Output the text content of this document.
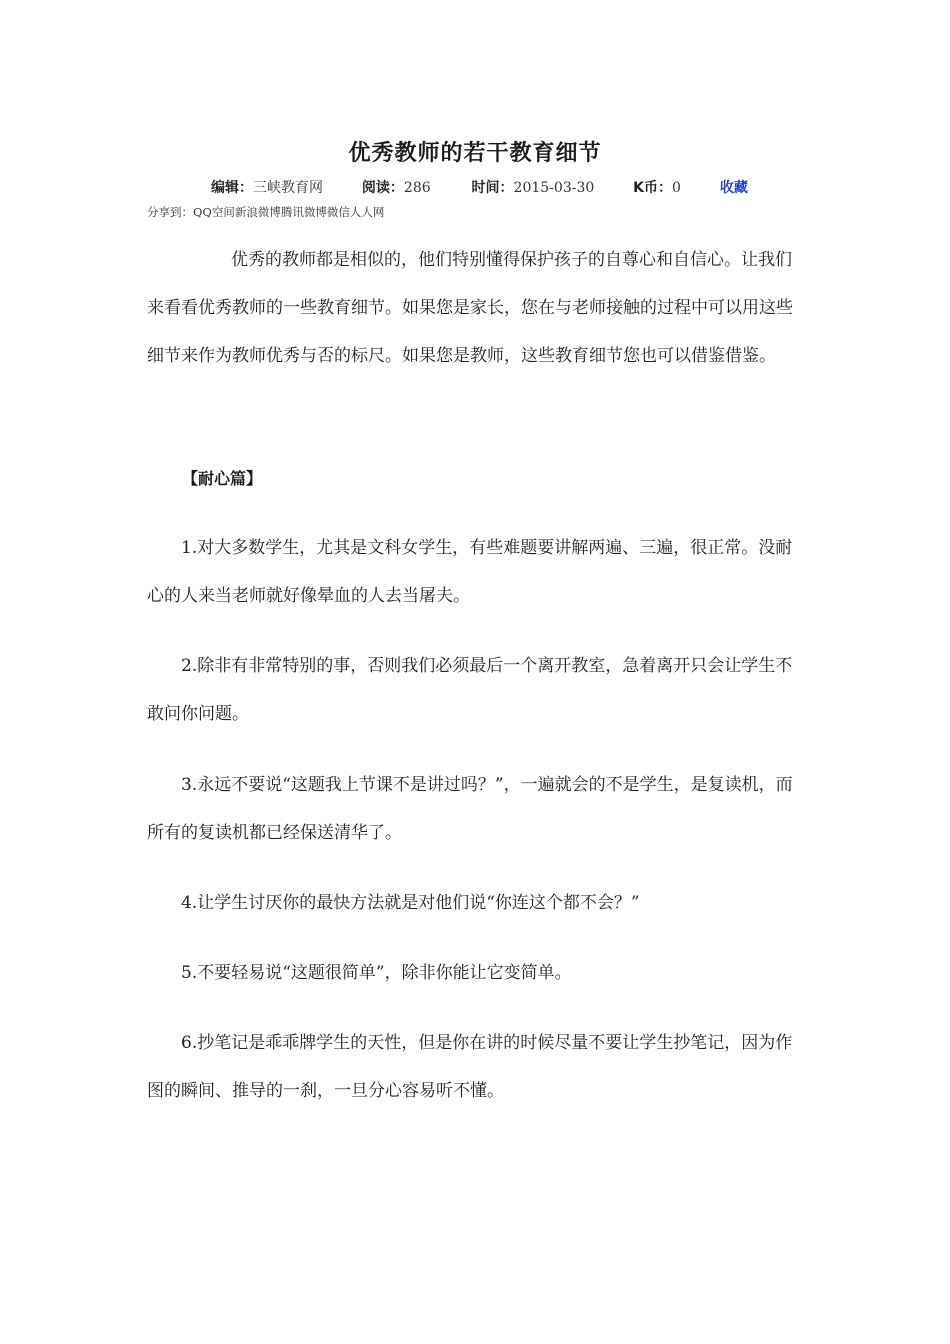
优秀教师的若干教育细节
编辑：三峡教育网	阅读：286	时间：2015-03-30	K币：0	收藏
分享到：QQ空间新浪微博腾讯微博微信人人网
优秀的教师都是相似的，他们特别懂得保护孩子的自尊心和自信心。让我们来看看优秀教师的一些教育细节。如果您是家长，您在与老师接触的过程中可以用这些细节来作为教师优秀与否的标尺。如果您是教师，这些教育细节您也可以借鉴借鉴。
【耐心篇】
1.对大多数学生，尤其是文科女学生，有些难题要讲解两遍、三遍，很正常。没耐心的人来当老师就好像晕血的人去当屠夫。
2.除非有非常特别的事，否则我们必须最后一个离开教室，急着离开只会让学生不敢问你问题。
3.永远不要说“这题我上节课不是讲过吗？”，一遍就会的不是学生，是复读机，而所有的复读机都已经保送清华了。
4.让学生讨厌你的最快方法就是对他们说“你连这个都不会？”
5.不要轻易说“这题很简单”，除非你能让它变简单。
6.抄笔记是乖乖牌学生的天性，但是你在讲的时候尽量不要让学生抄笔记，因为作图的瞬间、推导的一刹，一旦分心容易听不懂。
